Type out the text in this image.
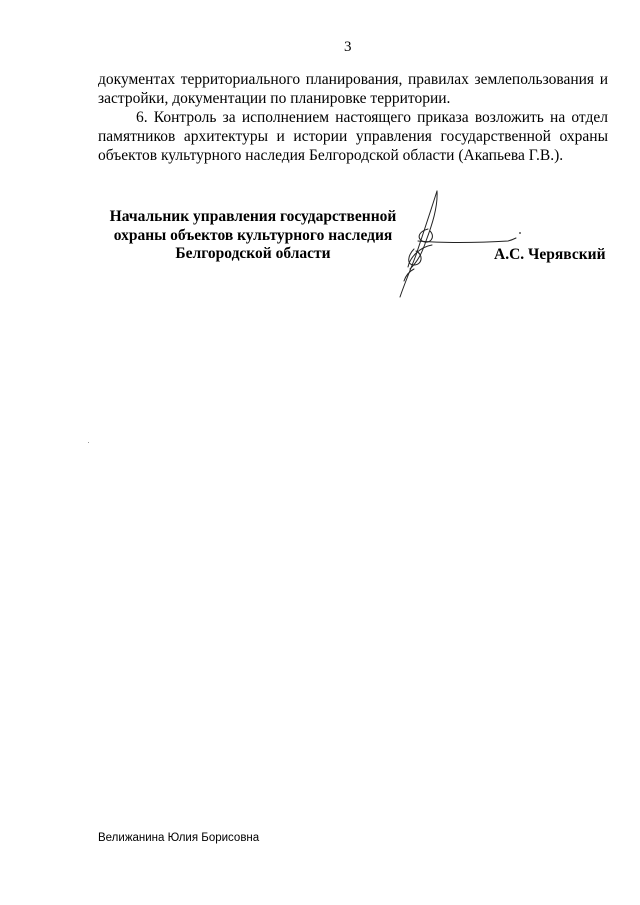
3

документах территориального планирования, правилах землепользования и застройки, документации по планировке территории.

6. Контроль за исполнением настоящего приказа возложить на отдел памятников архитектуры и истории управления государственной охраны объектов культурного наследия Белгородской области (Акапьева Г.В.).

Начальник управления государственной
охраны объектов культурного наследия
Белгородской области	А.С. Черявский
Велижанина Юлия Борисовна
